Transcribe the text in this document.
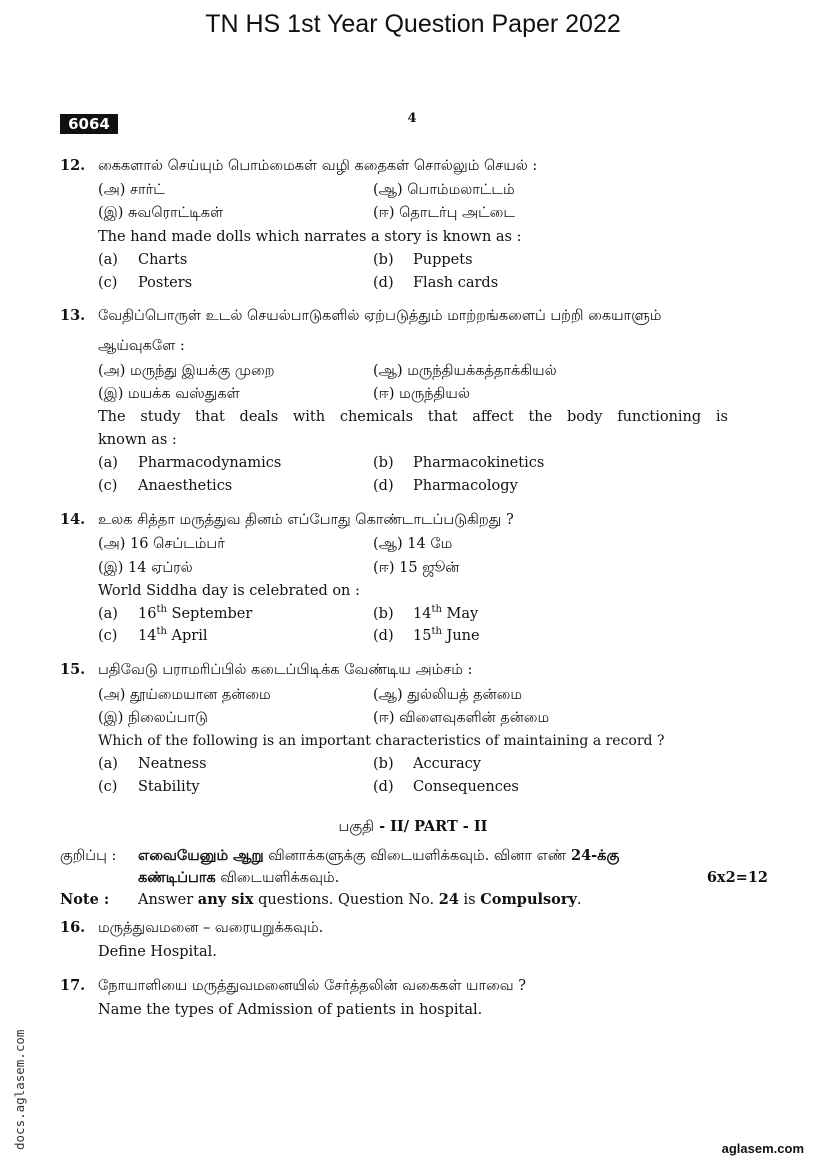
TN HS 1st Year Question Paper 2022
6064	4
12. கைகளால் செய்யும் பொம்மைகள் வழி கதைகள் சொல்லும் செயல் :
(அ) சார்ட்	(ஆ) பொம்மலாட்டம்
(இ) சுவரொட்டிகள்	(ஈ) தொடர்பு அட்டை
The hand made dolls which narrates a story is known as :
(a) Charts	(b) Puppets
(c) Posters	(d) Flash cards
13. வேதிப்பொருள் உடல் செயல்பாடுகளில் ஏற்படுத்தும் மாற்றங்களைப் பற்றி கையாளும்
ஆய்வுகளே :
(அ) மருந்து இயக்கு முறை	(ஆ) மருந்தியக்கத்தாக்கியல்
(இ) மயக்க வஸ்துகள்	(ஈ) மருந்தியல்
The study that deals with chemicals that affect the body functioning is
known as :
(a) Pharmacodynamics	(b) Pharmacokinetics
(c) Anaesthetics	(d) Pharmacology
14. உலக சித்தா மருத்துவ தினம் எப்போது கொண்டாடப்படுகிறது ?
(அ) 16 செப்டம்பர்	(ஆ) 14 மே
(இ) 14 ஏப்ரல்	(ஈ) 15 ஜூன்
World Siddha day is celebrated on :
(a) 16th September	(b) 14th May
(c) 14th April	(d) 15th June
15. பதிவேடு பராமரிப்பில் கடைப்பிடிக்க வேண்டிய அம்சம் :
(அ) தூய்மையான தன்மை	(ஆ) துல்லியத் தன்மை
(இ) நிலைப்பாடு	(ஈ) விளைவுகளின் தன்மை
Which of the following is an important characteristics of maintaining a record ?
(a) Neatness	(b) Accuracy
(c) Stability	(d) Consequences
பகுதி - II/ PART - II
குறிப்பு : எவையேனும் ஆறு வினாக்களுக்கு விடையளிக்கவும். வினா எண் 24-க்கு
கண்டிப்பாக விடையளிக்கவும்.	6x2=12
Note : Answer any six questions. Question No. 24 is Compulsory.
16. மருத்துவமனை – வரையறுக்கவும்.
Define Hospital.
17. நோயாளியை மருத்துவமனையில் சேர்த்தலின் வகைகள் யாவை ?
Name the types of Admission of patients in hospital.
docs.aglasem.com	aglasem.com
